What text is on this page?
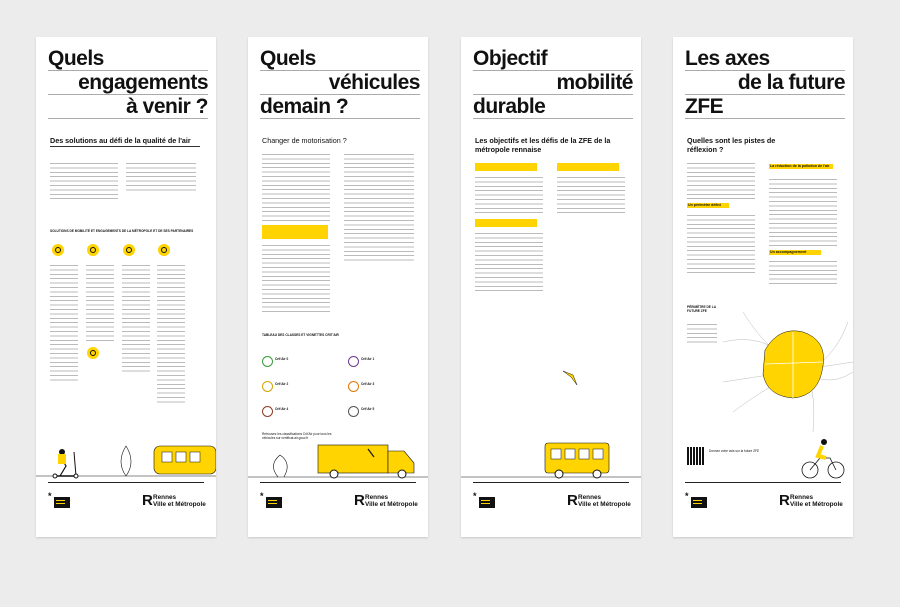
Quels
engagements
à venir ?
Des solutions au défi de la qualité de l'air
SOLUTIONS DE MOBILITÉ ET ENGAGEMENTS DE LA MÉTROPOLE ET DE SES PARTENAIRES
*	R Rennes
Ville et Métropole
Quels
véhicules
demain ?
Changer de motorisation ?
TABLEAU DES CLASSES ET VIGNETTES CRIT'AIR
Crit'Air 0	Crit'Air 1
Crit'Air 2	Crit'Air 3
Crit'Air 4	Crit'Air 5
Retrouvez les classifications Crit'Air pour tous les véhicules sur certificat-air.gouv.fr
*	R Rennes
Ville et Métropole
Objectif
mobilité
durable
Les objectifs et les défis de la ZFE de la métropole rennaise
*	R Rennes
Ville et Métropole
Les axes
de la future
ZFE
Quelles sont les pistes de réflexion ?
Un périmètre défini
La réduction de la pollution de l'air
Un accompagnement
PÉRIMÈTRE DE LA FUTURE ZFE
Donnez votre avis sur la future ZFE
*	R Rennes
Ville et Métropole
